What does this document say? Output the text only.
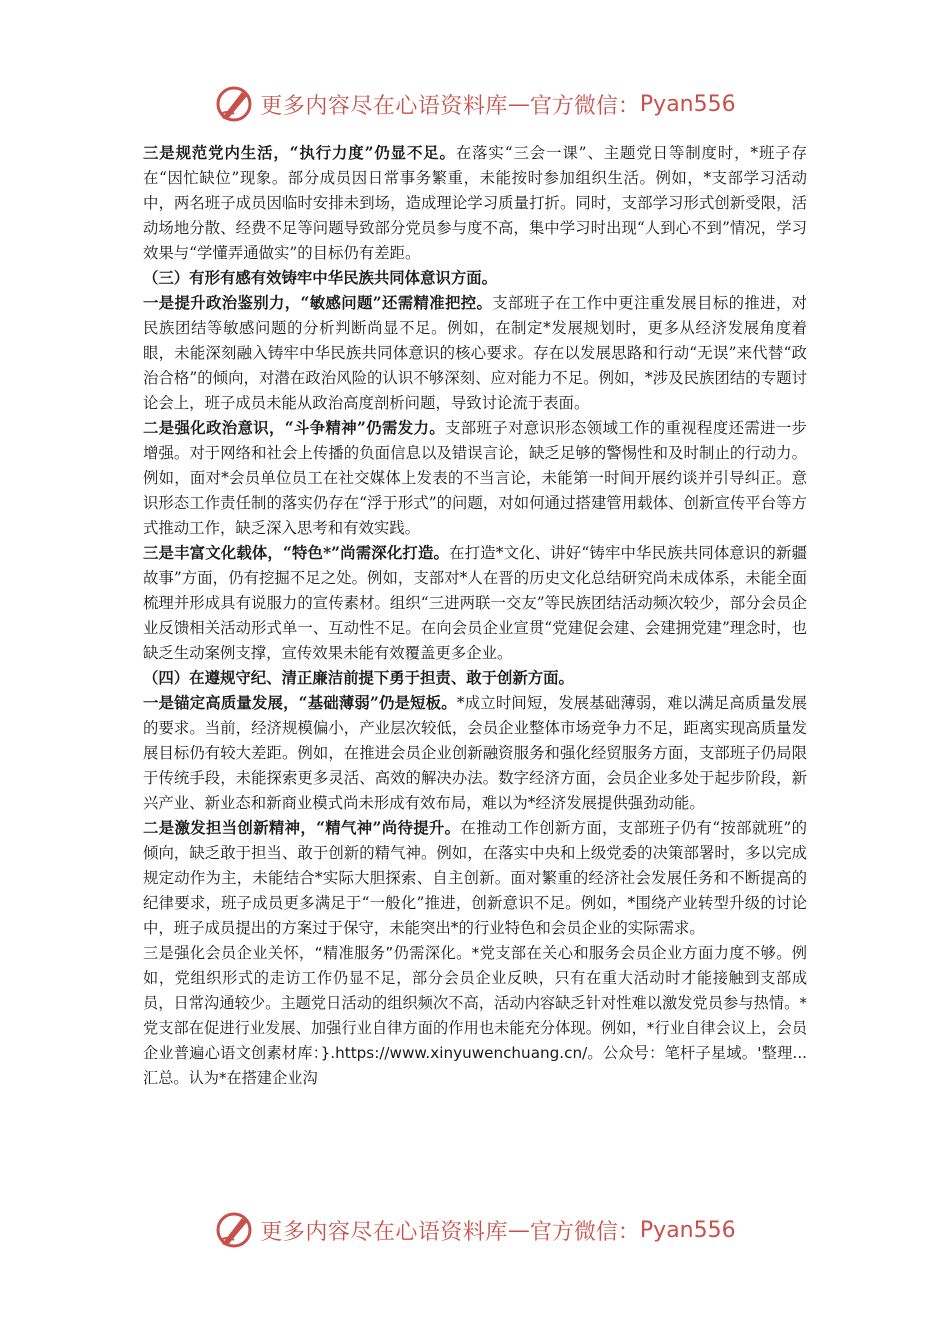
更多内容尽在心语资料库 — 官方微信： Pyan556

三是规范党内生活，“执行力度”仍显不足。在落实“三会一课”、主题党日等制度时，*班子存在“因忙缺位”现象。部分成员因日常事务繁重，未能按时参加组织生活。例如，*支部学习活动中，两名班子成员因临时安排未到场，造成理论学习质量打折。同时，支部学习形式创新受限，活动场地分散、经费不足等问题导致部分党员参与度不高，集中学习时出现“人到心不到”情况，学习效果与“学懂弄通做实”的目标仍有差距。

（三）有形有感有效铸牢中华民族共同体意识方面。

一是提升政治鉴别力，“敏感问题”还需精准把控。支部班子在工作中更注重发展目标的推进，对民族团结等敏感问题的分析判断尚显不足。例如，在制定*发展规划时，更多从经济发展角度着眼，未能深刻融入铸牢中华民族共同体意识的核心要求。存在以发展思路和行动“无误”来代替“政治合格”的倾向，对潜在政治风险的认识不够深刻、应对能力不足。例如，*涉及民族团结的专题讨论会上，班子成员未能从政治高度剖析问题，导致讨论流于表面。

二是强化政治意识，“斗争精神”仍需发力。支部班子对意识形态领域工作的重视程度还需进一步增强。对于网络和社会上传播的负面信息以及错误言论，缺乏足够的警惕性和及时制止的行动力。例如，面对*会员单位员工在社交媒体上发表的不当言论，未能第一时间开展约谈并引导纠正。意识形态工作责任制的落实仍存在“浮于形式”的问题，对如何通过搭建管用载体、创新宣传平台等方式推动工作，缺乏深入思考和有效实践。

三是丰富文化载体，“特色*”尚需深化打造。在打造*文化、讲好“铸牢中华民族共同体意识的新疆故事”方面，仍有挖掘不足之处。例如，支部对*人在晋的历史文化总结研究尚未成体系，未能全面梳理并形成具有说服力的宣传素材。组织“三进两联一交友”等民族团结活动频次较少，部分会员企业反馈相关活动形式单一、互动性不足。在向会员企业宣贯“党建促会建、会建拥党建”理念时，也缺乏生动案例支撑，宣传效果未能有效覆盖更多企业。

（四）在遵规守纪、清正廉洁前提下勇于担责、敢于创新方面。

一是锚定高质量发展，“基础薄弱”仍是短板。*成立时间短，发展基础薄弱，难以满足高质量发展的要求。当前，经济规模偏小，产业层次较低，会员企业整体市场竞争力不足，距离实现高质量发展目标仍有较大差距。例如，在推进会员企业创新融资服务和强化经贸服务方面，支部班子仍局限于传统手段，未能探索更多灵活、高效的解决办法。数字经济方面，会员企业多处于起步阶段，新兴产业、新业态和新商业模式尚未形成有效布局，难以为*经济发展提供强劲动能。

二是激发担当创新精神，“精气神”尚待提升。在推动工作创新方面，支部班子仍有“按部就班”的倾向，缺乏敢于担当、敢于创新的精气神。例如，在落实中央和上级党委的决策部署时，多以完成规定动作为主，未能结合*实际大胆探索、自主创新。面对繁重的经济社会发展任务和不断提高的纪律要求，班子成员更多满足于“一般化”推进，创新意识不足。例如，*围绕产业转型升级的讨论中，班子成员提出的方案过于保守，未能突出*的行业特色和会员企业的实际需求。

三是强化会员企业关怀，“精准服务”仍需深化。*党支部在关心和服务会员企业方面力度不够。例如，党组织形式的走访工作仍显不足，部分会员企业反映，只有在重大活动时才能接触到支部成员，日常沟通较少。主题党日活动的组织频次不高，活动内容缺乏针对性难以激发党员参与热情。*党支部在促进行业发展、加强行业自律方面的作用也未能充分体现。例如，*行业自律会议上，会员企业普遍心语文创素材库：}.https://www.xinyuwenchuang.cn/。公众号：笔杆子星域。'整理...汇总。认为*在搭建企业沟

更多内容尽在心语资料库 — 官方微信： Pyan556
